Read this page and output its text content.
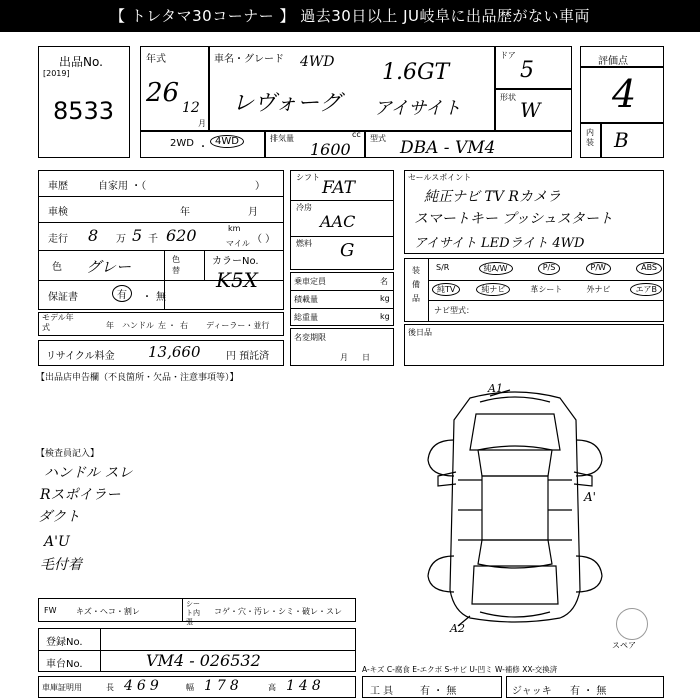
【 トレタマ30コーナー 】 過去30日以上 JU岐阜に出品歴がない車両
出品No.
[2019]
8533
年式
26 12
月
車名・グレード 4WD 1.6GT
レヴォーグ アイサイト
ドア
5
形状
W
評価点
4
内装 B
2WD ・
4WD	排気量	cc
1600
型式 DBA - VM4
車歴	自家用 ・（	）
車検	年	月
走行 8 万 5 千 620	km
マイル （ ）
色 グレー	色替
カラーNo.
K5X
保証書	有	・ 無
モデル年式	年 ハンドル 左 ・ 右 ディーラー・並行
リサイクル料金 13,660	円 預託済
シフト
FAT
冷房
AAC
燃料 G
乗車定員	名
積載量	kg
総重量	kg
名変期限
月日
セールスポイント
純正ナビ TV Rカメラ
スマートキー プッシュスタート
アイサイト LEDライト 4WD
装備品
S/R	純A/W	P/S	P/W	ABS
純TV	純ナビ	革シート	外ナビ	エアB
ナビ型式：
後日品
【出品店申告欄（不良箇所・欠品・注意事項等）】
【検査員記入】
ハンドル スレ
Rスポイラー
ダクト
A'U
毛付着
A1
A'
A2
スペア
FW キズ・ヘコ・割レ
シート内張
コゲ・穴・汚レ・シミ・破レ・スレ
登録No.
車台No.	VM4 - 026532
車庫証明用	長 469	幅 178	高 148
A-キズ C-腐食 E-エクボ S-サビ U-凹ミ W-補修 XX-交換済
工 具	有 ・ 無	ジャッキ 有 ・ 無
